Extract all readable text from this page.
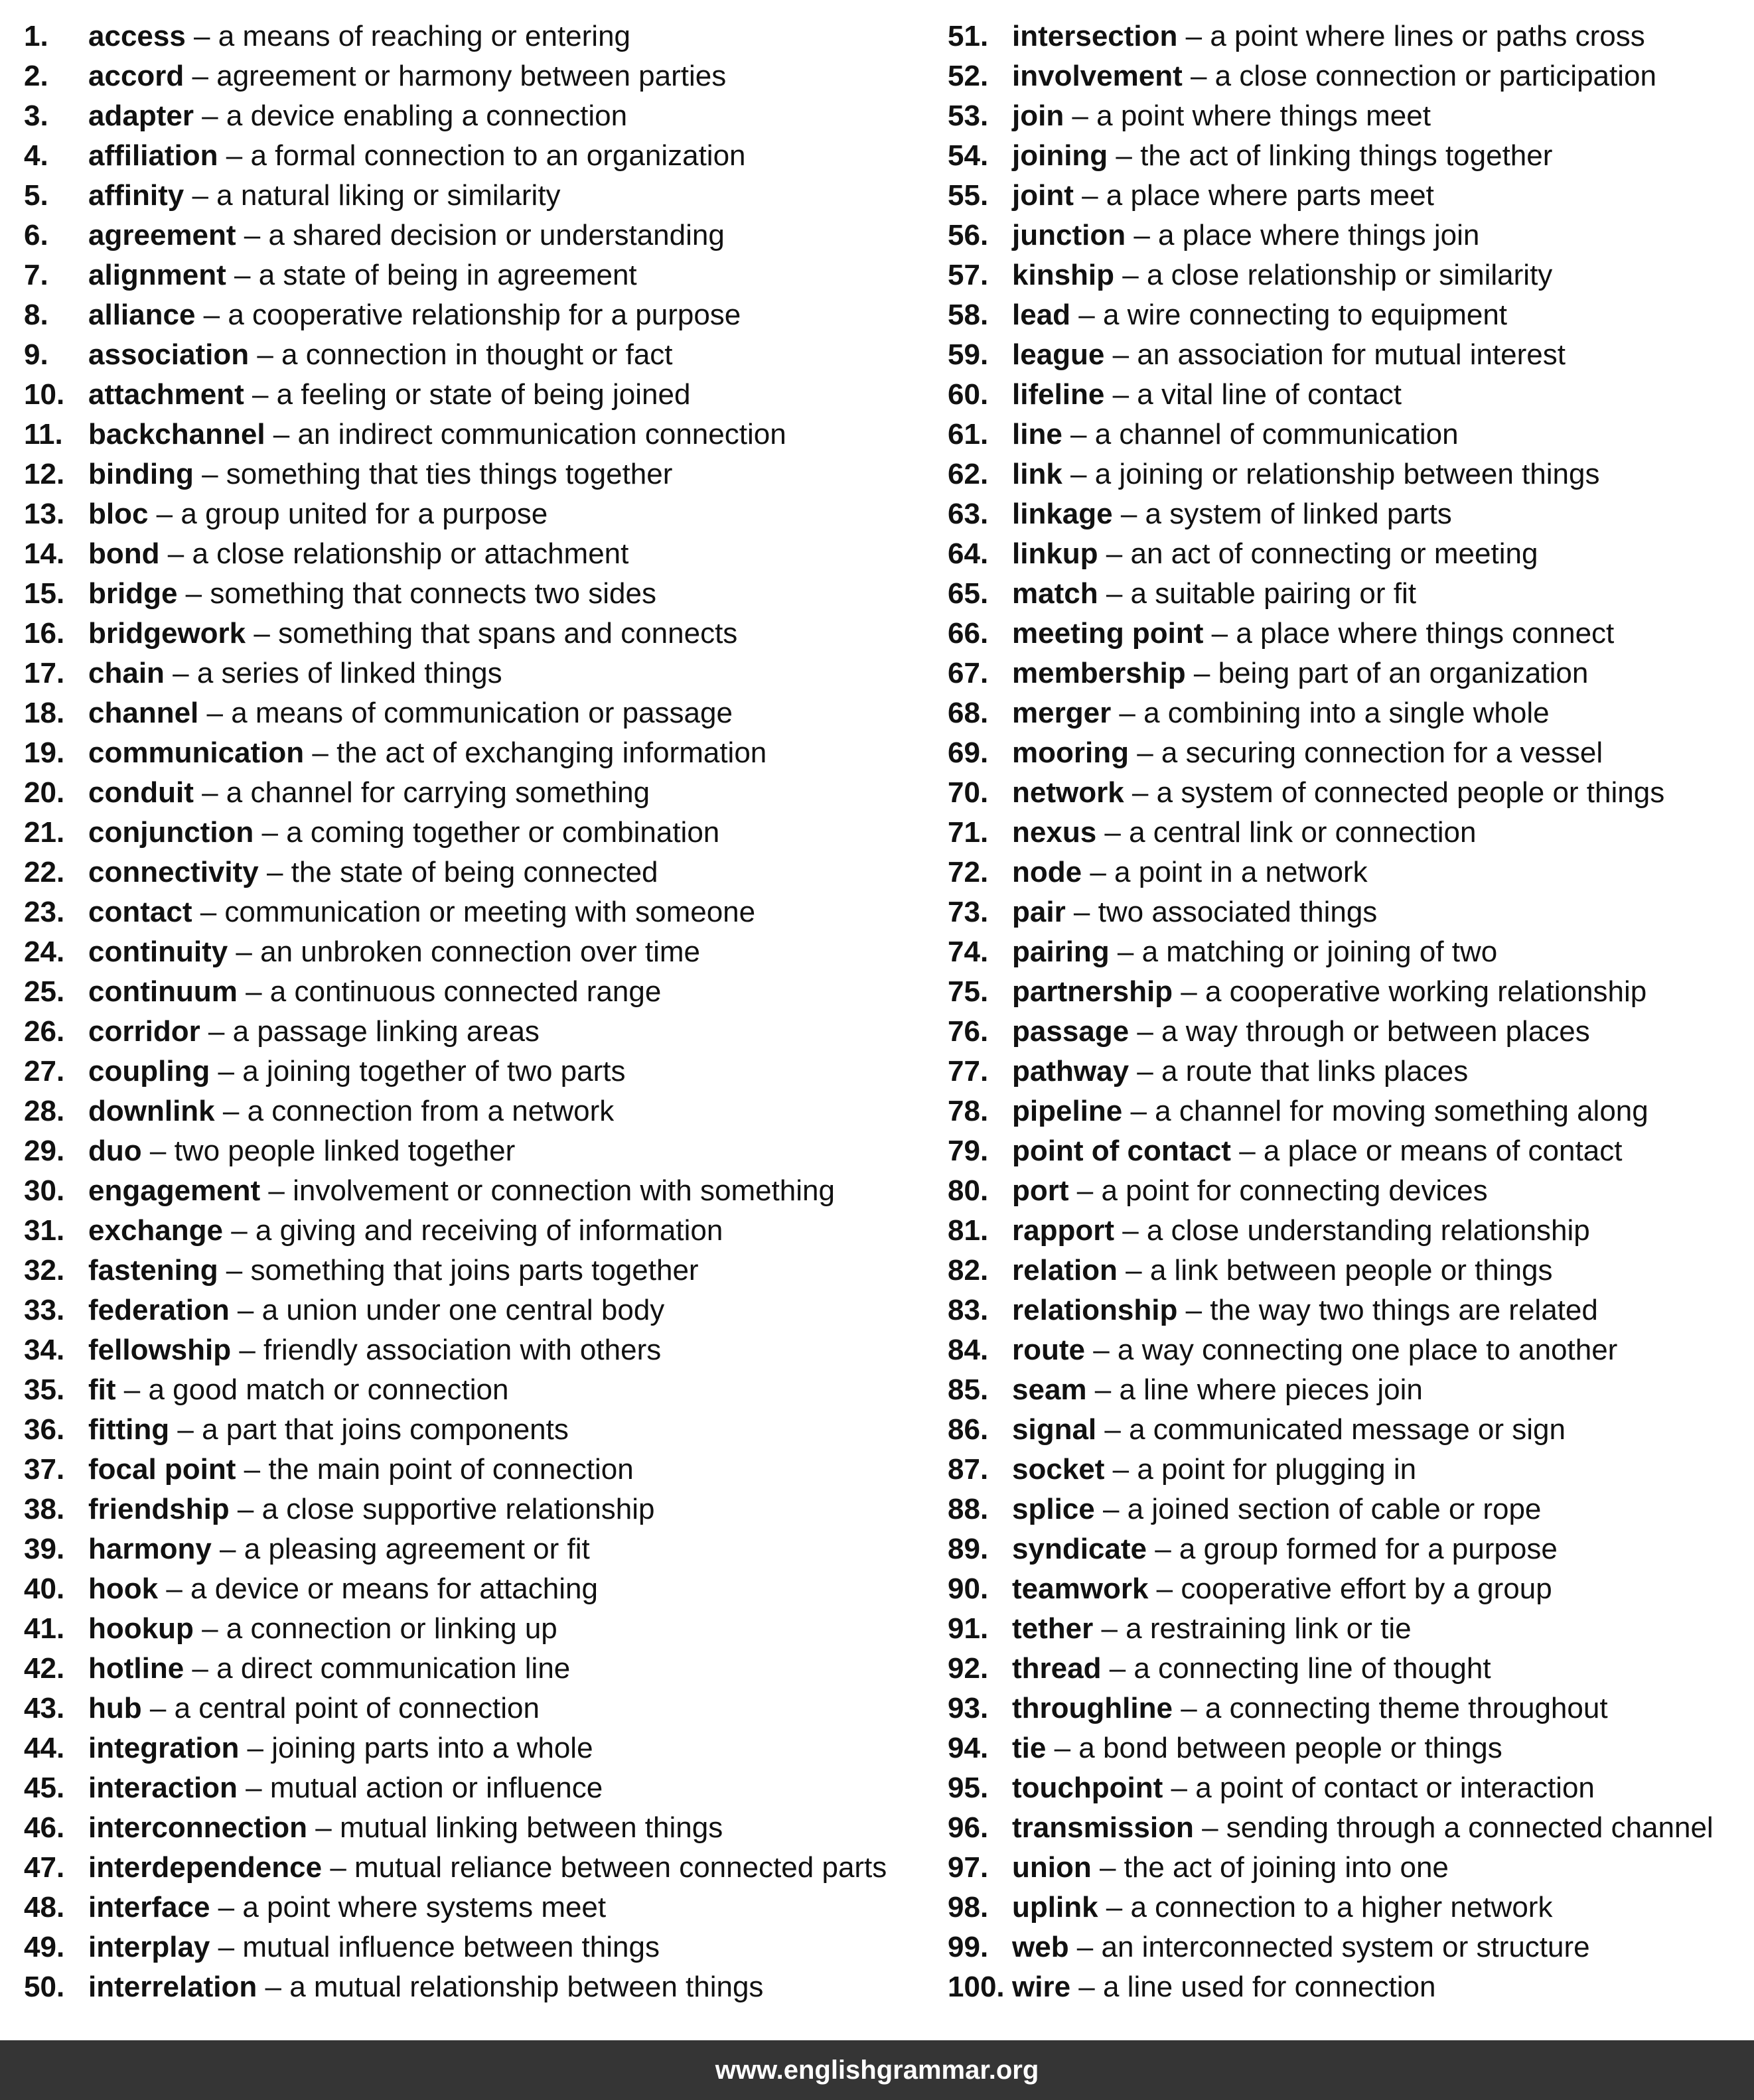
1. access – a means of reaching or entering
2. accord – agreement or harmony between parties
3. adapter – a device enabling a connection
4. affiliation – a formal connection to an organization
5. affinity – a natural liking or similarity
6. agreement – a shared decision or understanding
7. alignment – a state of being in agreement
8. alliance – a cooperative relationship for a purpose
9. association – a connection in thought or fact
10. attachment – a feeling or state of being joined
11. backchannel – an indirect communication connection
12. binding – something that ties things together
13. bloc – a group united for a purpose
14. bond – a close relationship or attachment
15. bridge – something that connects two sides
16. bridgework – something that spans and connects
17. chain – a series of linked things
18. channel – a means of communication or passage
19. communication – the act of exchanging information
20. conduit – a channel for carrying something
21. conjunction – a coming together or combination
22. connectivity – the state of being connected
23. contact – communication or meeting with someone
24. continuity – an unbroken connection over time
25. continuum – a continuous connected range
26. corridor – a passage linking areas
27. coupling – a joining together of two parts
28. downlink – a connection from a network
29. duo – two people linked together
30. engagement – involvement or connection with something
31. exchange – a giving and receiving of information
32. fastening – something that joins parts together
33. federation – a union under one central body
34. fellowship – friendly association with others
35. fit – a good match or connection
36. fitting – a part that joins components
37. focal point – the main point of connection
38. friendship – a close supportive relationship
39. harmony – a pleasing agreement or fit
40. hook – a device or means for attaching
41. hookup – a connection or linking up
42. hotline – a direct communication line
43. hub – a central point of connection
44. integration – joining parts into a whole
45. interaction – mutual action or influence
46. interconnection – mutual linking between things
47. interdependence – mutual reliance between connected parts
48. interface – a point where systems meet
49. interplay – mutual influence between things
50. interrelation – a mutual relationship between things
51. intersection – a point where lines or paths cross
52. involvement – a close connection or participation
53. join – a point where things meet
54. joining – the act of linking things together
55. joint – a place where parts meet
56. junction – a place where things join
57. kinship – a close relationship or similarity
58. lead – a wire connecting to equipment
59. league – an association for mutual interest
60. lifeline – a vital line of contact
61. line – a channel of communication
62. link – a joining or relationship between things
63. linkage – a system of linked parts
64. linkup – an act of connecting or meeting
65. match – a suitable pairing or fit
66. meeting point – a place where things connect
67. membership – being part of an organization
68. merger – a combining into a single whole
69. mooring – a securing connection for a vessel
70. network – a system of connected people or things
71. nexus – a central link or connection
72. node – a point in a network
73. pair – two associated things
74. pairing – a matching or joining of two
75. partnership – a cooperative working relationship
76. passage – a way through or between places
77. pathway – a route that links places
78. pipeline – a channel for moving something along
79. point of contact – a place or means of contact
80. port – a point for connecting devices
81. rapport – a close understanding relationship
82. relation – a link between people or things
83. relationship – the way two things are related
84. route – a way connecting one place to another
85. seam – a line where pieces join
86. signal – a communicated message or sign
87. socket – a point for plugging in
88. splice – a joined section of cable or rope
89. syndicate – a group formed for a purpose
90. teamwork – cooperative effort by a group
91. tether – a restraining link or tie
92. thread – a connecting line of thought
93. throughline – a connecting theme throughout
94. tie – a bond between people or things
95. touchpoint – a point of contact or interaction
96. transmission – sending through a connected channel
97. union – the act of joining into one
98. uplink – a connection to a higher network
99. web – an interconnected system or structure
100. wire – a line used for connection
www.englishgrammar.org
